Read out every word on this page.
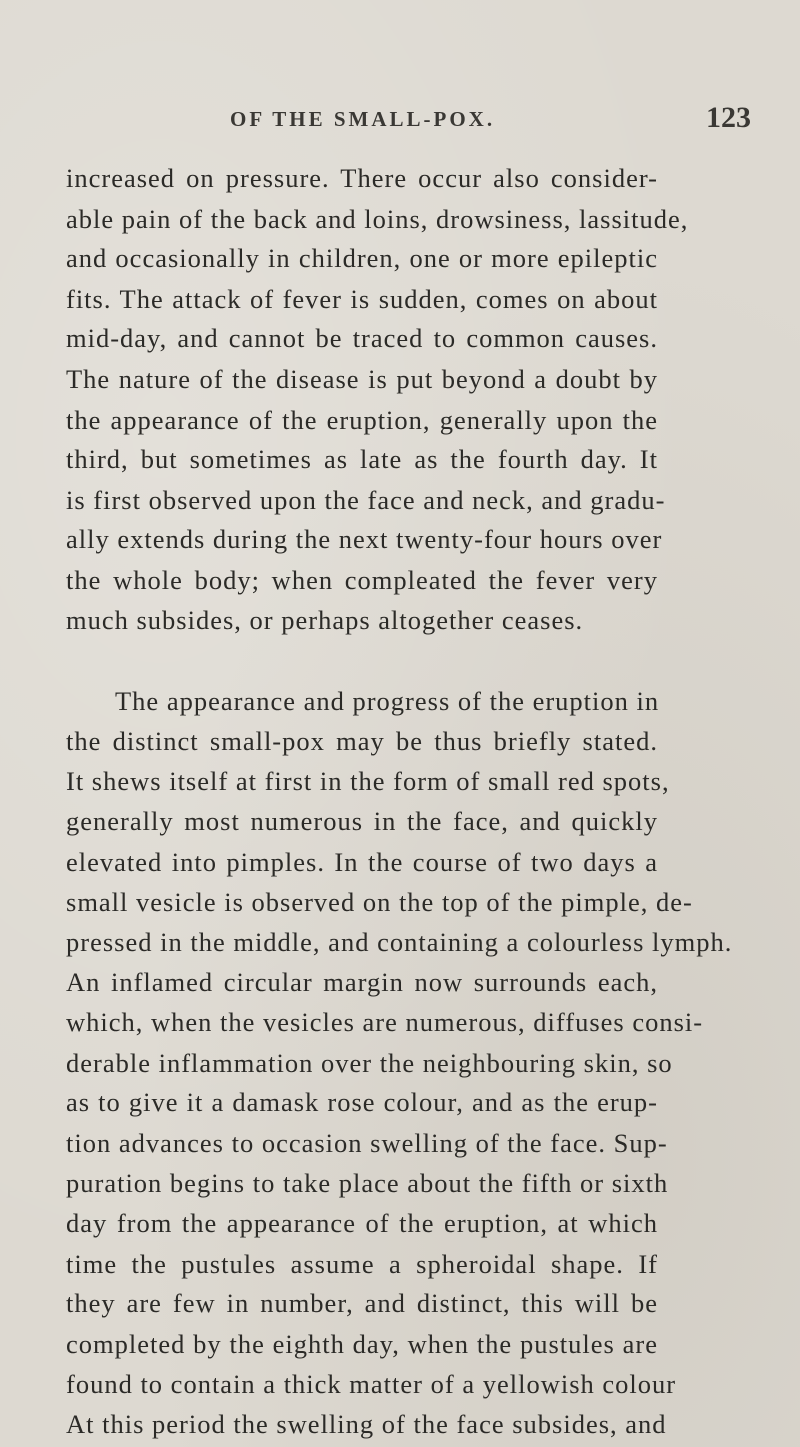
OF THE SMALL-POX.	123
increased on pressure. There occur also consider-
able pain of the back and loins, drowsiness, lassitude,
and occasionally in children, one or more epileptic
fits. The attack of fever is sudden, comes on about
mid-day, and cannot be traced to common causes.
The nature of the disease is put beyond a doubt by
the appearance of the eruption, generally upon the
third, but sometimes as late as the fourth day. It
is first observed upon the face and neck, and gradu-
ally extends during the next twenty-four hours over
the whole body; when compleated the fever very
much subsides, or perhaps altogether ceases.
The appearance and progress of the eruption in
the distinct small-pox may be thus briefly stated.
It shews itself at first in the form of small red spots,
generally most numerous in the face, and quickly
elevated into pimples. In the course of two days a
small vesicle is observed on the top of the pimple, de-
pressed in the middle, and containing a colourless lymph.
An inflamed circular margin now surrounds each,
which, when the vesicles are numerous, diffuses consi-
derable inflammation over the neighbouring skin, so
as to give it a damask rose colour, and as the erup-
tion advances to occasion swelling of the face. Sup-
puration begins to take place about the fifth or sixth
day from the appearance of the eruption, at which
time the pustules assume a spheroidal shape. If
they are few in number, and distinct, this will be
completed by the eighth day, when the pustules are
found to contain a thick matter of a yellowish colour
At this period the swelling of the face subsides, and
